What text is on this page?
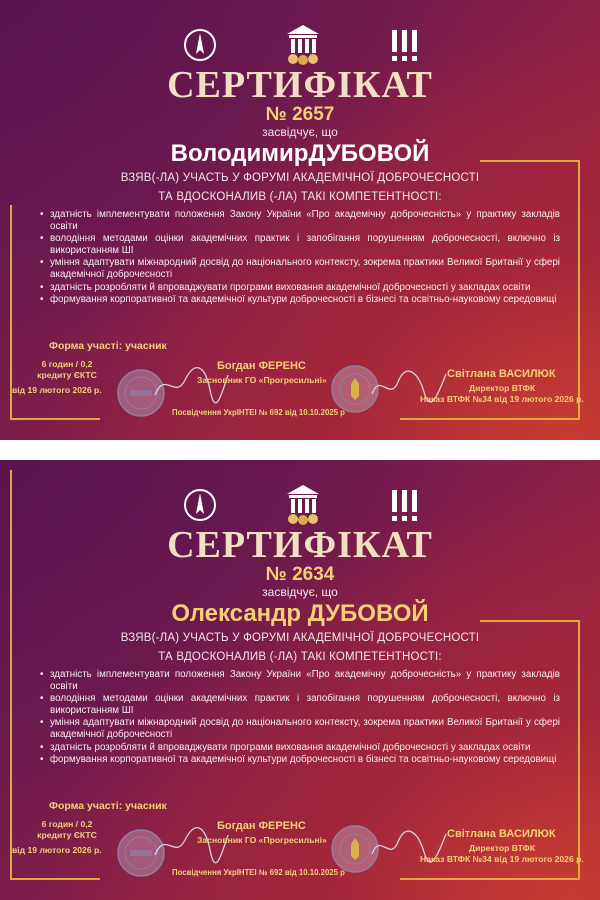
СЕРТИФІКАТ
№ 2657
засвідчує, що
ВолодимирДУБОВОЙ
ВЗЯВ(-ЛА) УЧАСТЬ У ФОРУМІ АКАДЕМІЧНОЇ ДОБРОЧЕСНОСТІ
ТА ВДОСКОНАЛИВ (-ЛА) ТАКІ КОМПЕТЕНТНОСТІ:
• здатність імплементувати положення Закону України «Про академічну доброчесність» у практику закладів освіти
• володіння методами оцінки академічних практик і запобігання порушенням доброчесності, включно із використанням ШІ
• уміння адаптувати міжнародний досвід до національного контексту, зокрема практики Великої Британії у сфері академічної доброчесності
• здатність розробляти й впроваджувати програми виховання академічної доброчесності у закладах освіти
• формування корпоративної та академічної культури доброчесності в бізнесі та освітньо-науковому середовищі
Форма участі: учасник
6 годин / 0,2
кредиту ЄКТС
від 19 лютого 2026 р.
Богдан ФЕРЕНС
Засновник ГО «Прогресильні»	Світлана ВАСИЛЮК
Директор ВТФК
Наказ ВТФК №34 від 19 лютого 2026 р.
Посвідчення УкрІНТЕІ № 692 від 10.10.2025 р
СЕРТИФІКАТ
№ 2634
засвідчує, що
Олександр ДУБОВОЙ
ВЗЯВ(-ЛА) УЧАСТЬ У ФОРУМІ АКАДЕМІЧНОЇ ДОБРОЧЕСНОСТІ
ТА ВДОСКОНАЛИВ (-ЛА) ТАКІ КОМПЕТЕНТНОСТІ:
• здатність імплементувати положення Закону України «Про академічну доброчесність» у практику закладів освіти
• володіння методами оцінки академічних практик і запобігання порушенням доброчесності, включно із використанням ШІ
• уміння адаптувати міжнародний досвід до національного контексту, зокрема практики Великої Британії у сфері академічної доброчесності
• здатність розробляти й впроваджувати програми виховання академічної доброчесності у закладах освіти
• формування корпоративної та академічної культури доброчесності в бізнесі та освітньо-науковому середовищі
Форма участі: учасник
6 годин / 0,2
кредиту ЄКТС
від 19 лютого 2026 р.
Богдан ФЕРЕНС
Засновник ГО «Прогресильні»	Світлана ВАСИЛЮК
Директор ВТФК
Наказ ВТФК №34 від 19 лютого 2026 р.
Посвідчення УкрІНТЕІ № 692 від 10.10.2025 р
